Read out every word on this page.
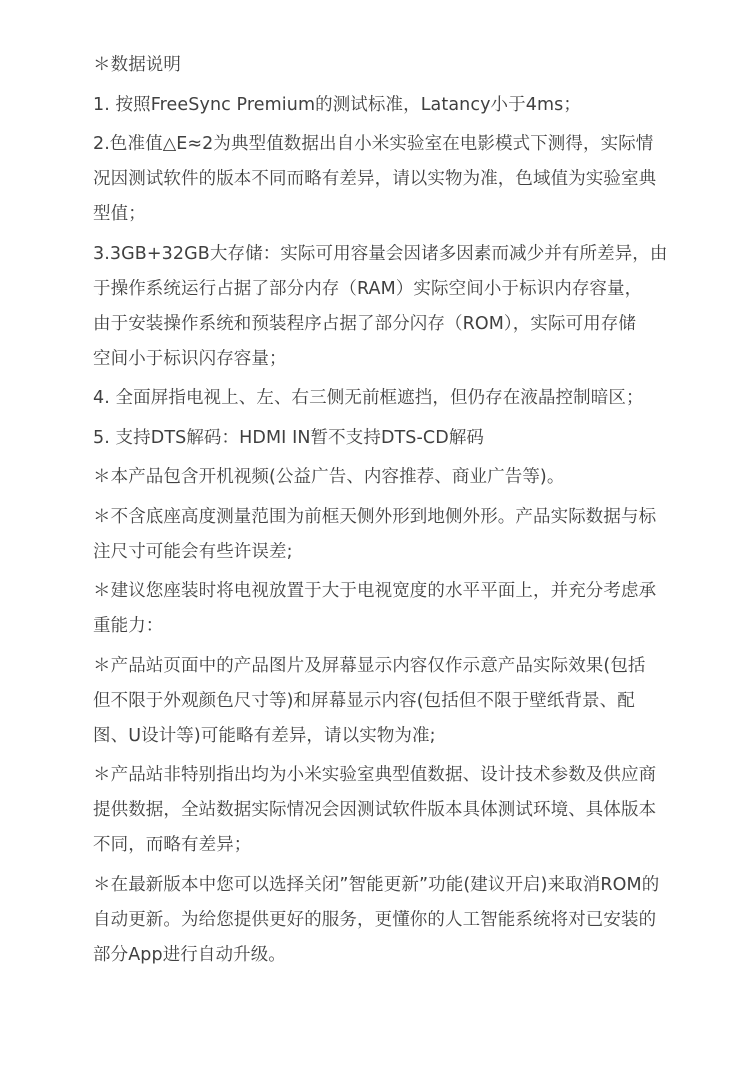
＊数据说明
1. 按照FreeSync Premium的测试标准，Latancy小于4ms；
2.色准值△E≈2为典型值数据出自小米实验室在电影模式下测得，实际情
况因测试软件的版本不同而略有差异，请以实物为准，色域值为实验室典
型值；
3.3GB+32GB大存储：实际可用容量会因诸多因素而减少并有所差异，由
于操作系统运行占据了部分内存（RAM）实际空间小于标识内存容量，
由于安装操作系统和预装程序占据了部分闪存（ROM），实际可用存储
空间小于标识闪存容量；
4. 全面屏指电视上、左、右三侧无前框遮挡，但仍存在液晶控制暗区；
5. 支持DTS解码：HDMI IN暂不支持DTS-CD解码
＊本产品包含开机视频(公益广告、内容推荐、商业广告等)。
＊不含底座高度测量范围为前框天侧外形到地侧外形。产品实际数据与标
注尺寸可能会有些许误差;
＊建议您座装时将电视放置于大于电视宽度的水平平面上，并充分考虑承
重能力：
＊产品站页面中的产品图片及屏幕显示内容仅作示意产品实际效果(包括
但不限于外观颜色尺寸等)和屏幕显示内容(包括但不限于壁纸背景、配
图、U设计等)可能略有差异，请以实物为准;
＊产品站非特别指出均为小米实验室典型值数据、设计技术参数及供应商
提供数据，全站数据实际情况会因测试软件版本具体测试环境、具体版本
不同，而略有差异；
＊在最新版本中您可以选择关闭”智能更新”功能(建议开启)来取消ROM的
自动更新。为给您提供更好的服务，更懂你的人工智能系统将对已安装的
部分App进行自动升级。
